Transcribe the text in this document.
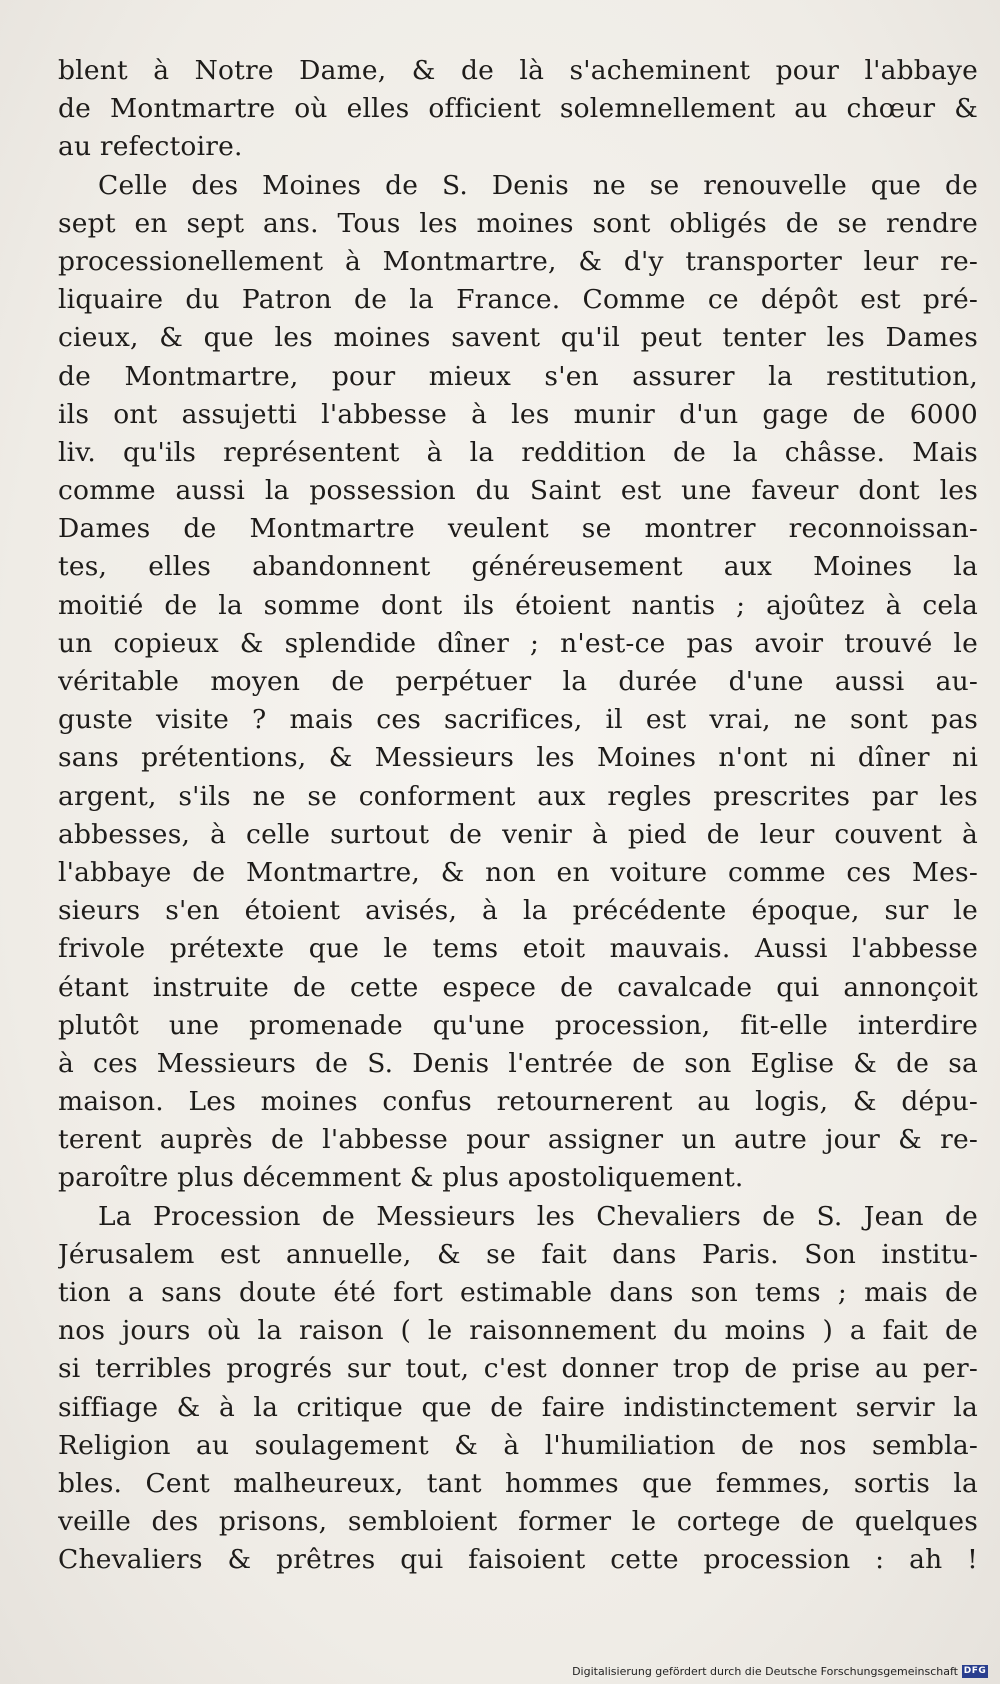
blent à Notre Dame, & de là s'acheminent pour l'abbaye
de Montmartre où elles officient solemnellement au chœur &
au refectoire.
Celle des Moines de S. Denis ne se renouvelle que de
sept en sept ans. Tous les moines sont obligés de se rendre
processionellement à Montmartre, & d'y transporter leur re-
liquaire du Patron de la France. Comme ce dépôt est pré-
cieux, & que les moines savent qu'il peut tenter les Dames
de Montmartre, pour mieux s'en assurer la restitution,
ils ont assujetti l'abbesse à les munir d'un gage de 6000
liv. qu'ils représentent à la reddition de la châsse. Mais
comme aussi la possession du Saint est une faveur dont les
Dames de Montmartre veulent se montrer reconnoissan-
tes, elles abandonnent généreusement aux Moines la
moitié de la somme dont ils étoient nantis ; ajoûtez à cela
un copieux & splendide dîner ; n'est-ce pas avoir trouvé le
véritable moyen de perpétuer la durée d'une aussi au-
guste visite ? mais ces sacrifices, il est vrai, ne sont pas
sans prétentions, & Messieurs les Moines n'ont ni dîner ni
argent, s'ils ne se conforment aux regles prescrites par les
abbesses, à celle surtout de venir à pied de leur couvent à
l'abbaye de Montmartre, & non en voiture comme ces Mes-
sieurs s'en étoient avisés, à la précédente époque, sur le
frivole prétexte que le tems etoit mauvais. Aussi l'abbesse
étant instruite de cette espece de cavalcade qui annonçoit
plutôt une promenade qu'une procession, fit-elle interdire
à ces Messieurs de S. Denis l'entrée de son Eglise & de sa
maison. Les moines confus retournerent au logis, & dépu-
terent auprès de l'abbesse pour assigner un autre jour & re-
paroître plus décemment & plus apostoliquement.
La Procession de Messieurs les Chevaliers de S. Jean de
Jérusalem est annuelle, & se fait dans Paris. Son institu-
tion a sans doute été fort estimable dans son tems ; mais de
nos jours où la raison ( le raisonnement du moins ) a fait de
si terribles progrés sur tout, c'est donner trop de prise au per-
siffiage & à la critique que de faire indistinctement servir la
Religion au soulagement & à l'humiliation de nos sembla-
bles. Cent malheureux, tant hommes que femmes, sortis la
veille des prisons, sembloient former le cortege de quelques
Chevaliers & prêtres qui faisoient cette procession : ah !
Digitalisierung gefördert durch die Deutsche Forschungsgemeinschaft DFG
